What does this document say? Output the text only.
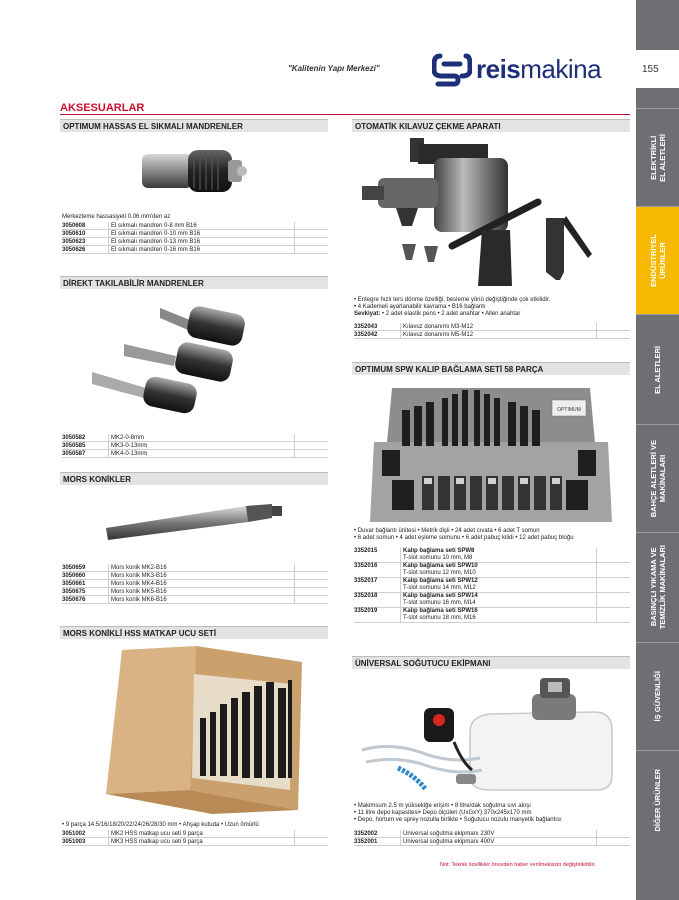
"Kalitenin Yapı Merkezi"	reismakina	155
ELEKTRİKLİ
EL ALETLERİ
ENDÜSTRİYEL
ÜRÜNLER
EL ALETLERİ
BAHÇE ALETLERİ VE
MAKİNALARI
BASINÇLI YIKAMA VE
TEMİZLİK MAKİNALARI
İŞ GÜVENLİĞİ
DİĞER ÜRÜNLER
AKSESUARLAR
OPTIMUM HASSAS EL SIKMALI MANDRENLER
Merkezleme hassasiyeti 0.06 mm'den az
3050608	El sıkmalı mandren 0-8 mm B16
3050610	El sıkmalı mandren 0-10 mm B16
3050623	El sıkmalı mandren 0-13 mm B16
3050626	El sıkmalı mandren 0-16 mm B16
DİREKT TAKILABİLİR MANDRENLER
3050582	MK2-0-8mm
3050585	MK3-0-13mm
3050587	MK4-0-13mm
MORS KONİKLER
3050659	Mors konik MK2-B16
3050660	Mors konik MK3-B16
3050661	Mors konik MK4-B16
3050675	Mors konik MK5-B16
3050676	Mors konik MK6-B16
MORS KONİKLİ HSS MATKAP UCU SETİ
• 9 parça 14.5/16/18/20/22/24/26/28/30 mm • Ahşap kutuda • Uzun ömürlü
3051002	MK2 HSS matkap ucu seti 9 parça
3051003	MK3 HSS matkap ucu seti 9 parça
OTOMATİK KILAVUZ ÇEKME APARATI
• Entegre hızlı ters dönme özelliği, besleme yönü değiştiğinde çok etkilidir.
• 4 Kademeli ayarlanabilir kavrama • B16 bağlantı
Sevkiyat: • 2 adet elastik pens • 2 adet anahtar • Allen anahtar
3352043	Kılavuz donanımı M3-M12
3352042	Kılavuz donanımı M5-M12
OPTIMUM SPW KALIP BAĞLAMA SETİ 58 PARÇA
OPTIMUM
• Duvar bağlantı ünitesi • Metrik dişli • 24 adet cıvata • 6 adet T somun
• 6 adet somun • 4 adet eşleme somunu • 6 adet pabuç kilidi • 12 adet pabuç bloğu
3352015	Kalıp bağlama seti SPW8
T-slot somunu 10 mm, M8
3352016	Kalıp bağlama seti SPW10
T-slot somunu 12 mm, M10
3352017	Kalıp bağlama seti SPW12
T-slot somunu 14 mm, M12
3352018	Kalıp bağlama seti SPW14
T-slot somunu 16 mm, M14
3352019	Kalıp bağlama seti SPW16
T-slot somunu 18 mm, M16
ÜNİVERSAL SOĞUTUCU EKİPMANI
• Makimsum 2.5 m yükseklğe erişim • 8 litre/dak soğutma sıvı akışı
• 11 litre depo kapasitesi• Depo ölçüleri (UxGxY) 370x245x170 mm
• Depo, hortum ve sprey nozulla birlikte • Soğutucu nozulu manyetik bağlantısı
3352002	Universal soğutma ekipmanı 230V
3352001	Universal soğutma ekipmanı 400V
Not: Teknik özellikler önceden haber verilmeksizin değiştirilebilir.
